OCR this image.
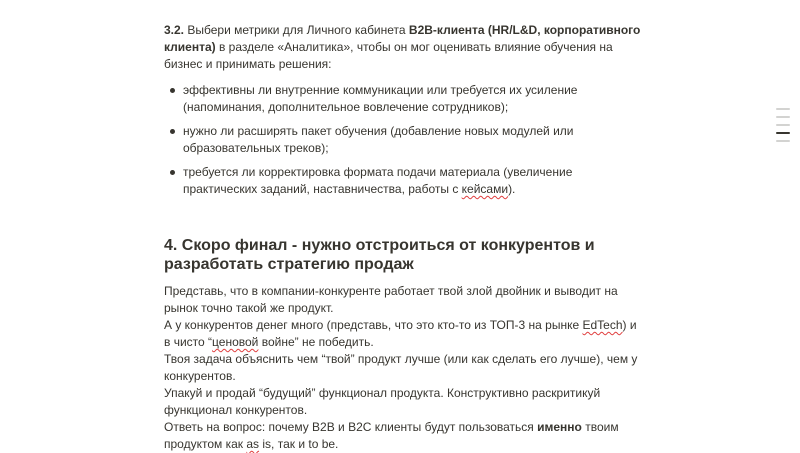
3.2. Выбери метрики для Личного кабинета B2B-клиента (HR/L&D, корпоративного клиента) в разделе «Аналитика», чтобы он мог оценивать влияние обучения на бизнес и принимать решения:

эффективны ли внутренние коммуникации или требуется их усиление (напоминания, дополнительное вовлечение сотрудников);
нужно ли расширять пакет обучения (добавление новых модулей или образовательных треков);
требуется ли корректировка формата подачи материала (увеличение практических заданий, наставничества, работы с кейсами).
4. Скоро финал - нужно отстроиться от конкурентов и разработать стратегию продаж

Представь, что в компании-конкуренте работает твой злой двойник и выводит на рынок точно такой же продукт.

А у конкурентов денег много (представь, что это кто-то из ТОП-3 на рынке EdTech) и в чисто “ценовой войне” не победить.

Твоя задача объяснить чем “твой” продукт лучше (или как сделать его лучше), чем у конкурентов.

Упакуй и продай “будущий” функционал продукта. Конструктивно раскритикуй функционал конкурентов.

Ответь на вопрос: почему B2B и B2C клиенты будут пользоваться именно твоим продуктом как as is, так и to be.
